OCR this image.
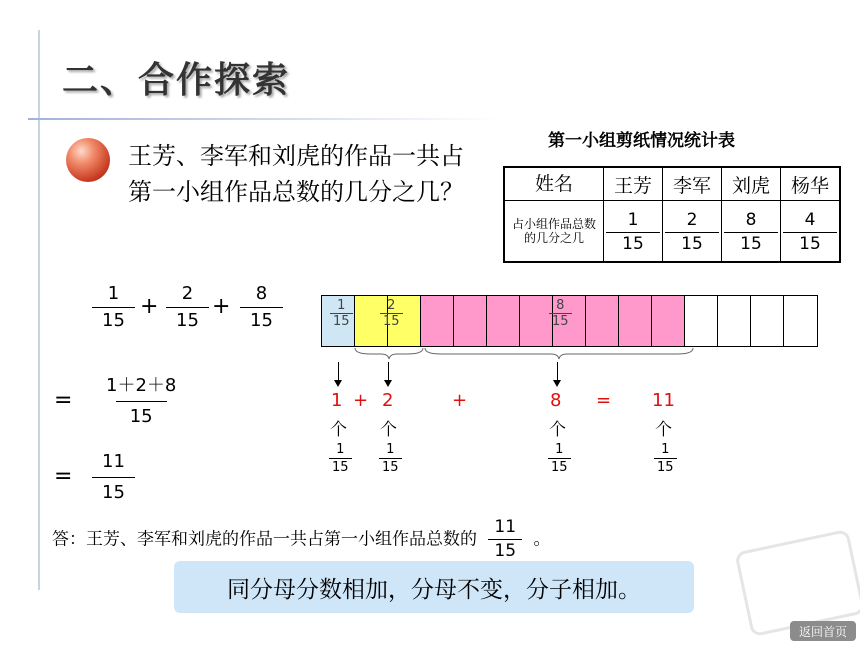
二、合作探索
王芳、李军和刘虎的作品一共占第一小组作品总数的几分之几？
第一小组剪纸情况统计表
姓名	王芳	李军	刘虎	杨华
占小组作品总数的几分之几	$\frac{1}{15}$	$\frac{2}{15}$	$\frac{8}{15}$	$\frac{4}{15}$
$\frac{1}{15} + \frac{2}{15} + \frac{8}{15}$
= $\frac{1+2+8}{15}$
= $\frac{11}{15}$
$\frac{1}{15} \frac{2}{15}$	$\frac{8}{15}$
1 + 2	+	8 = 11
个 个	个	个
$\frac{1}{15} \frac{1}{15}$	$\frac{1}{15}$	$\frac{1}{15}$
答：王芳、李军和刘虎的作品一共占第一小组作品总数的 $\frac{11}{15}$ 。
同分母分数相加，分母不变，分子相加。
返回首页
